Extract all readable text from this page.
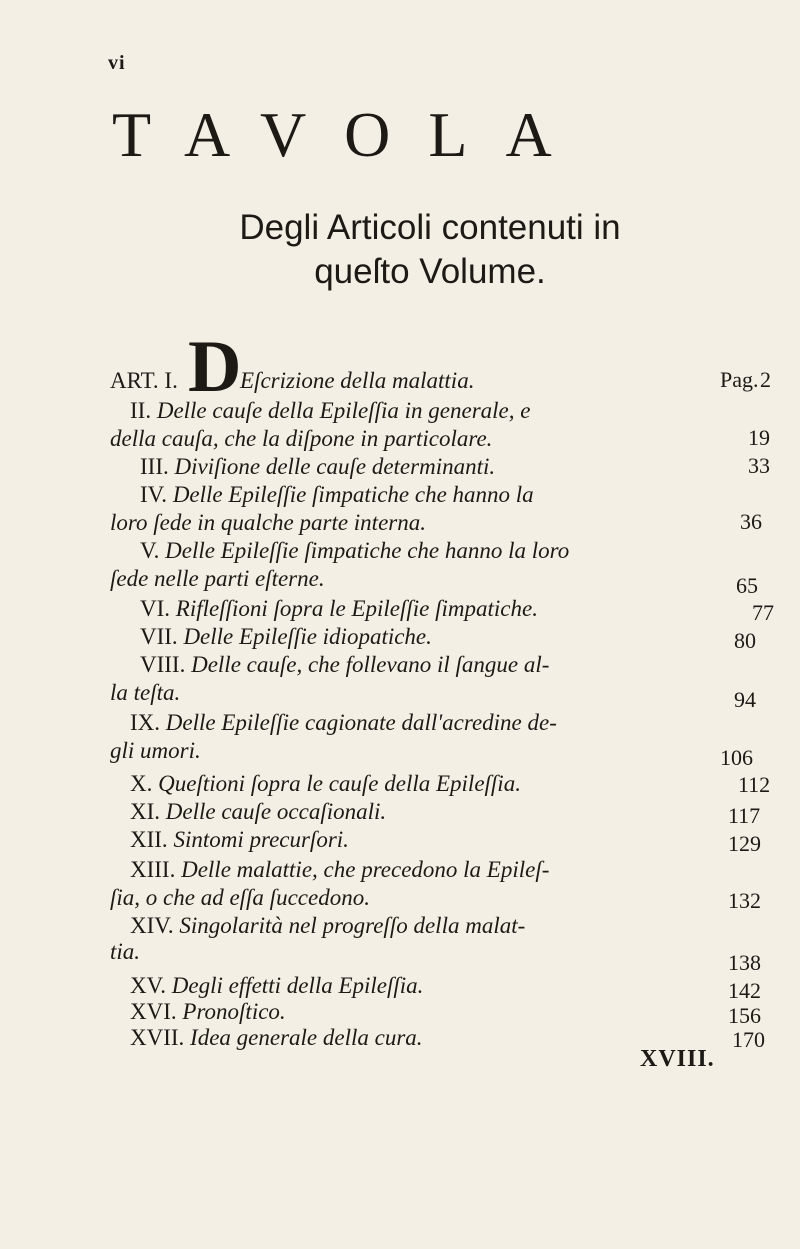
vi
TAVOLA
Degli Articoli contenuti in
queſto Volume.
ART. I. D
Eſcrizione della malattia.	Pag. 2
II. Delle cauſe della Epileſſia in generale, e
della cauſa, che la diſpone in particolare.	19
III. Diviſione delle cauſe determinanti.	33
IV. Delle Epileſſie ſimpatiche che hanno la
loro ſede in qualche parte interna.	36
V. Delle Epileſſie ſimpatiche che hanno la loro
ſede nelle parti eſterne.	65
VI. Rifleſſioni ſopra le Epileſſie ſimpatiche.	77
VII. Delle Epileſſie idiopatiche.	80
VIII. Delle cauſe, che follevano il ſangue al-
la teſta.	94
IX. Delle Epileſſie cagionate dall'acredine de-
gli umori.	106
X. Queſtioni ſopra le cauſe della Epileſſia.	112
XI. Delle cauſe occaſionali.	117
XII. Sintomi precurſori.	129
XIII. Delle malattie, che precedono la Epileſ-
ſia, o che ad eſſa ſuccedono.	132
XIV. Singolarità nel progreſſo della malat-
tia.	138
XV. Degli effetti della Epileſſia.	142
XVI. Pronoſtico.	156
XVII. Idea generale della cura.	170
XVIII.
